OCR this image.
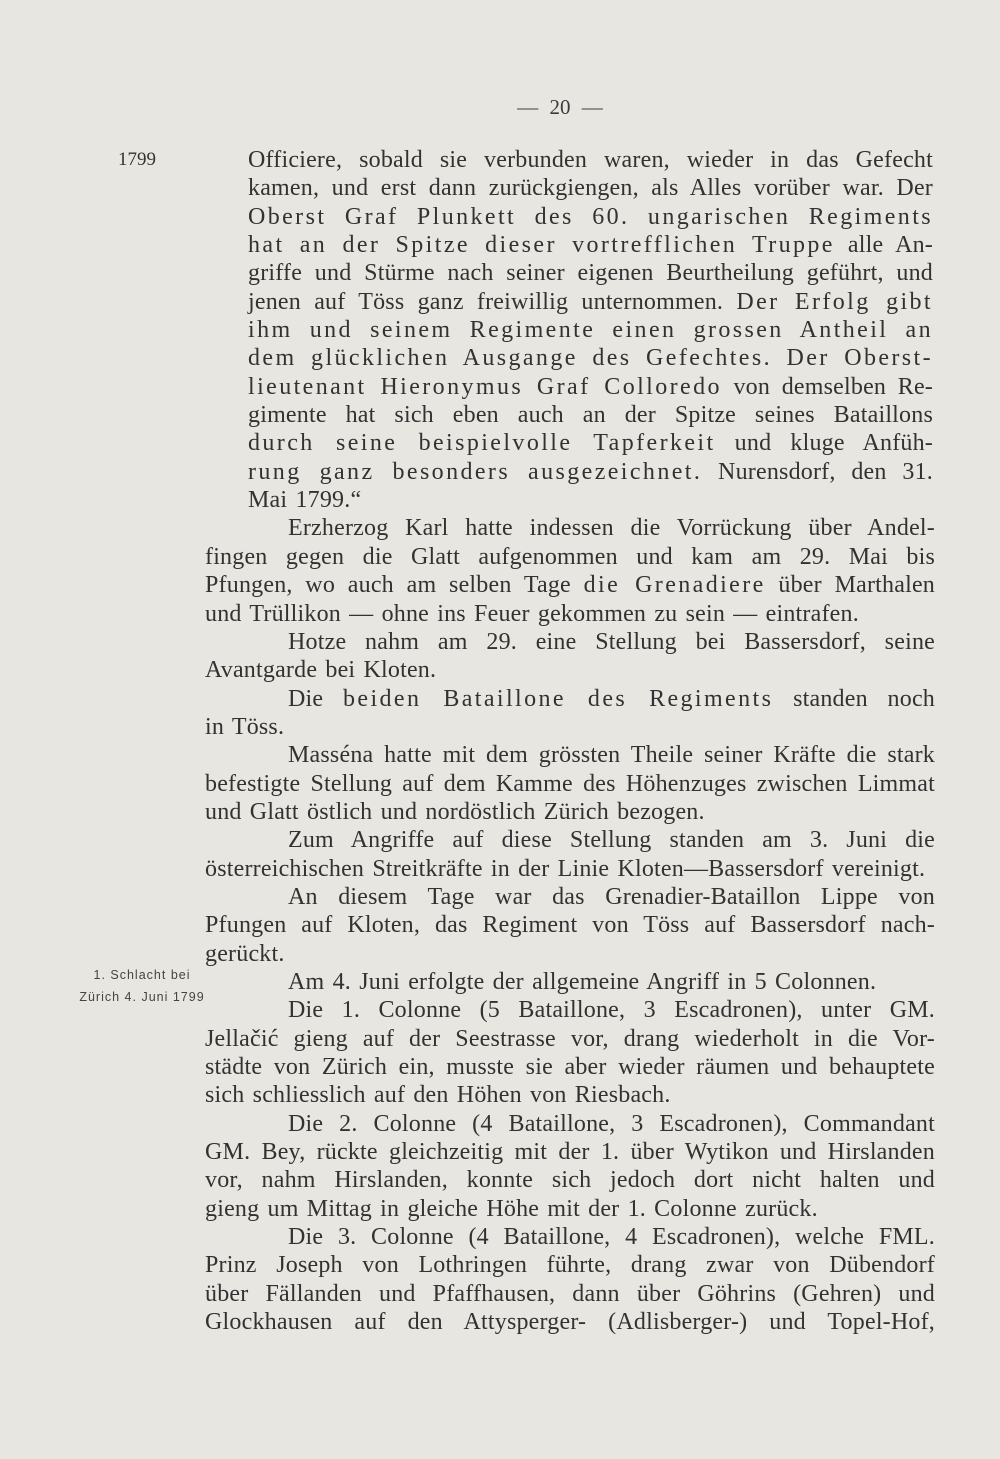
— 20 —
1799
1. Schlacht bei
Zürich 4. Juni 1799
Officiere, sobald sie verbunden waren, wieder in das Gefecht
kamen, und erst dann zurückgiengen, als Alles vorüber war. Der
Oberst Graf Plunkett des 60. ungarischen Regiments
hat an der Spitze dieser vortrefflichen Truppe alle An-
griffe und Stürme nach seiner eigenen Beurtheilung geführt, und
jenen auf Töss ganz freiwillig unternommen. Der Erfolg gibt
ihm und seinem Regimente einen grossen Antheil an
dem glücklichen Ausgange des Gefechtes. Der Oberst-
lieutenant Hieronymus Graf Colloredo von demselben Re-
gimente hat sich eben auch an der Spitze seines Bataillons
durch seine beispielvolle Tapferkeit und kluge Anfüh-
rung ganz besonders ausgezeichnet. Nurensdorf, den 31.
Mai 1799.“
Erzherzog Karl hatte indessen die Vorrückung über Andel-
fingen gegen die Glatt aufgenommen und kam am 29. Mai bis
Pfungen, wo auch am selben Tage die Grenadiere über Marthalen
und Trüllikon — ohne ins Feuer gekommen zu sein — eintrafen.
Hotze nahm am 29. eine Stellung bei Bassersdorf, seine
Avantgarde bei Kloten.
Die beiden Bataillone des Regiments standen noch
in Töss.
Masséna hatte mit dem grössten Theile seiner Kräfte die stark
befestigte Stellung auf dem Kamme des Höhenzuges zwischen Limmat
und Glatt östlich und nordöstlich Zürich bezogen.
Zum Angriffe auf diese Stellung standen am 3. Juni die
österreichischen Streitkräfte in der Linie Kloten—Bassersdorf vereinigt.
An diesem Tage war das Grenadier-Bataillon Lippe von
Pfungen auf Kloten, das Regiment von Töss auf Bassersdorf nach-
gerückt.
Am 4. Juni erfolgte der allgemeine Angriff in 5 Colonnen.
Die 1. Colonne (5 Bataillone, 3 Escadronen), unter GM.
Jellačić gieng auf der Seestrasse vor, drang wiederholt in die Vor-
städte von Zürich ein, musste sie aber wieder räumen und behauptete
sich schliesslich auf den Höhen von Riesbach.
Die 2. Colonne (4 Bataillone, 3 Escadronen), Commandant
GM. Bey, rückte gleichzeitig mit der 1. über Wytikon und Hirslanden
vor, nahm Hirslanden, konnte sich jedoch dort nicht halten und
gieng um Mittag in gleiche Höhe mit der 1. Colonne zurück.
Die 3. Colonne (4 Bataillone, 4 Escadronen), welche FML.
Prinz Joseph von Lothringen führte, drang zwar von Dübendorf
über Fällanden und Pfaffhausen, dann über Göhrins (Gehren) und
Glockhausen auf den Attysperger- (Adlisberger-) und Topel-Hof,
